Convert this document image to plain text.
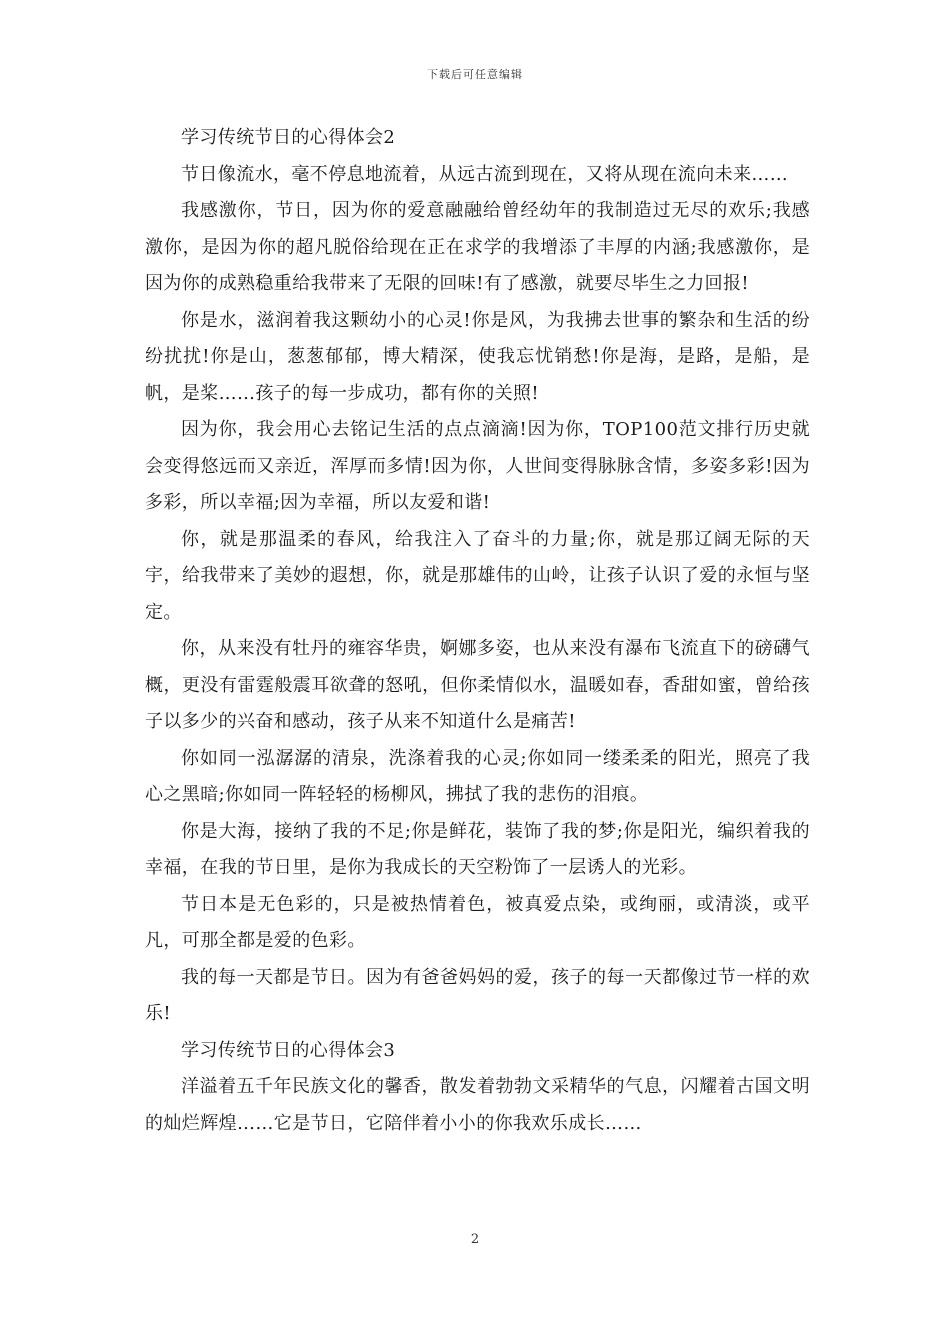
下载后可任意编辑

学习传统节日的心得体会2

节日像流水，毫不停息地流着，从远古流到现在，又将从现在流向未来……

我感激你，节日，因为你的爱意融融给曾经幼年的我制造过无尽的欢乐;我感激你，是因为你的超凡脱俗给现在正在求学的我增添了丰厚的内涵;我感激你，是因为你的成熟稳重给我带来了无限的回味!有了感激，就要尽毕生之力回报!

你是水，滋润着我这颗幼小的心灵!你是风，为我拂去世事的繁杂和生活的纷纷扰扰!你是山，葱葱郁郁，博大精深，使我忘忧销愁!你是海，是路，是船，是帆，是桨……孩子的每一步成功，都有你的关照!

因为你，我会用心去铭记生活的点点滴滴!因为你，TOP100范文排行历史就会变得悠远而又亲近，浑厚而多情!因为你，人世间变得脉脉含情，多姿多彩!因为多彩，所以幸福;因为幸福，所以友爱和谐!

你，就是那温柔的春风，给我注入了奋斗的力量;你，就是那辽阔无际的天宇，给我带来了美妙的遐想，你，就是那雄伟的山岭，让孩子认识了爱的永恒与坚定。

你，从来没有牡丹的雍容华贵，婀娜多姿，也从来没有瀑布飞流直下的磅礴气概，更没有雷霆般震耳欲聋的怒吼，但你柔情似水，温暖如春，香甜如蜜，曾给孩子以多少的兴奋和感动，孩子从来不知道什么是痛苦!

你如同一泓潺潺的清泉，洗涤着我的心灵;你如同一缕柔柔的阳光，照亮了我心之黑暗;你如同一阵轻轻的杨柳风，拂拭了我的悲伤的泪痕。

你是大海，接纳了我的不足;你是鲜花，装饰了我的梦;你是阳光，编织着我的幸福，在我的节日里，是你为我成长的天空粉饰了一层诱人的光彩。

节日本是无色彩的，只是被热情着色，被真爱点染，或绚丽，或清淡，或平凡，可那全都是爱的色彩。

我的每一天都是节日。因为有爸爸妈妈的爱，孩子的每一天都像过节一样的欢乐!

学习传统节日的心得体会3

洋溢着五千年民族文化的馨香，散发着勃勃文采精华的气息，闪耀着古国文明的灿烂辉煌……它是节日，它陪伴着小小的你我欢乐成长……

2
